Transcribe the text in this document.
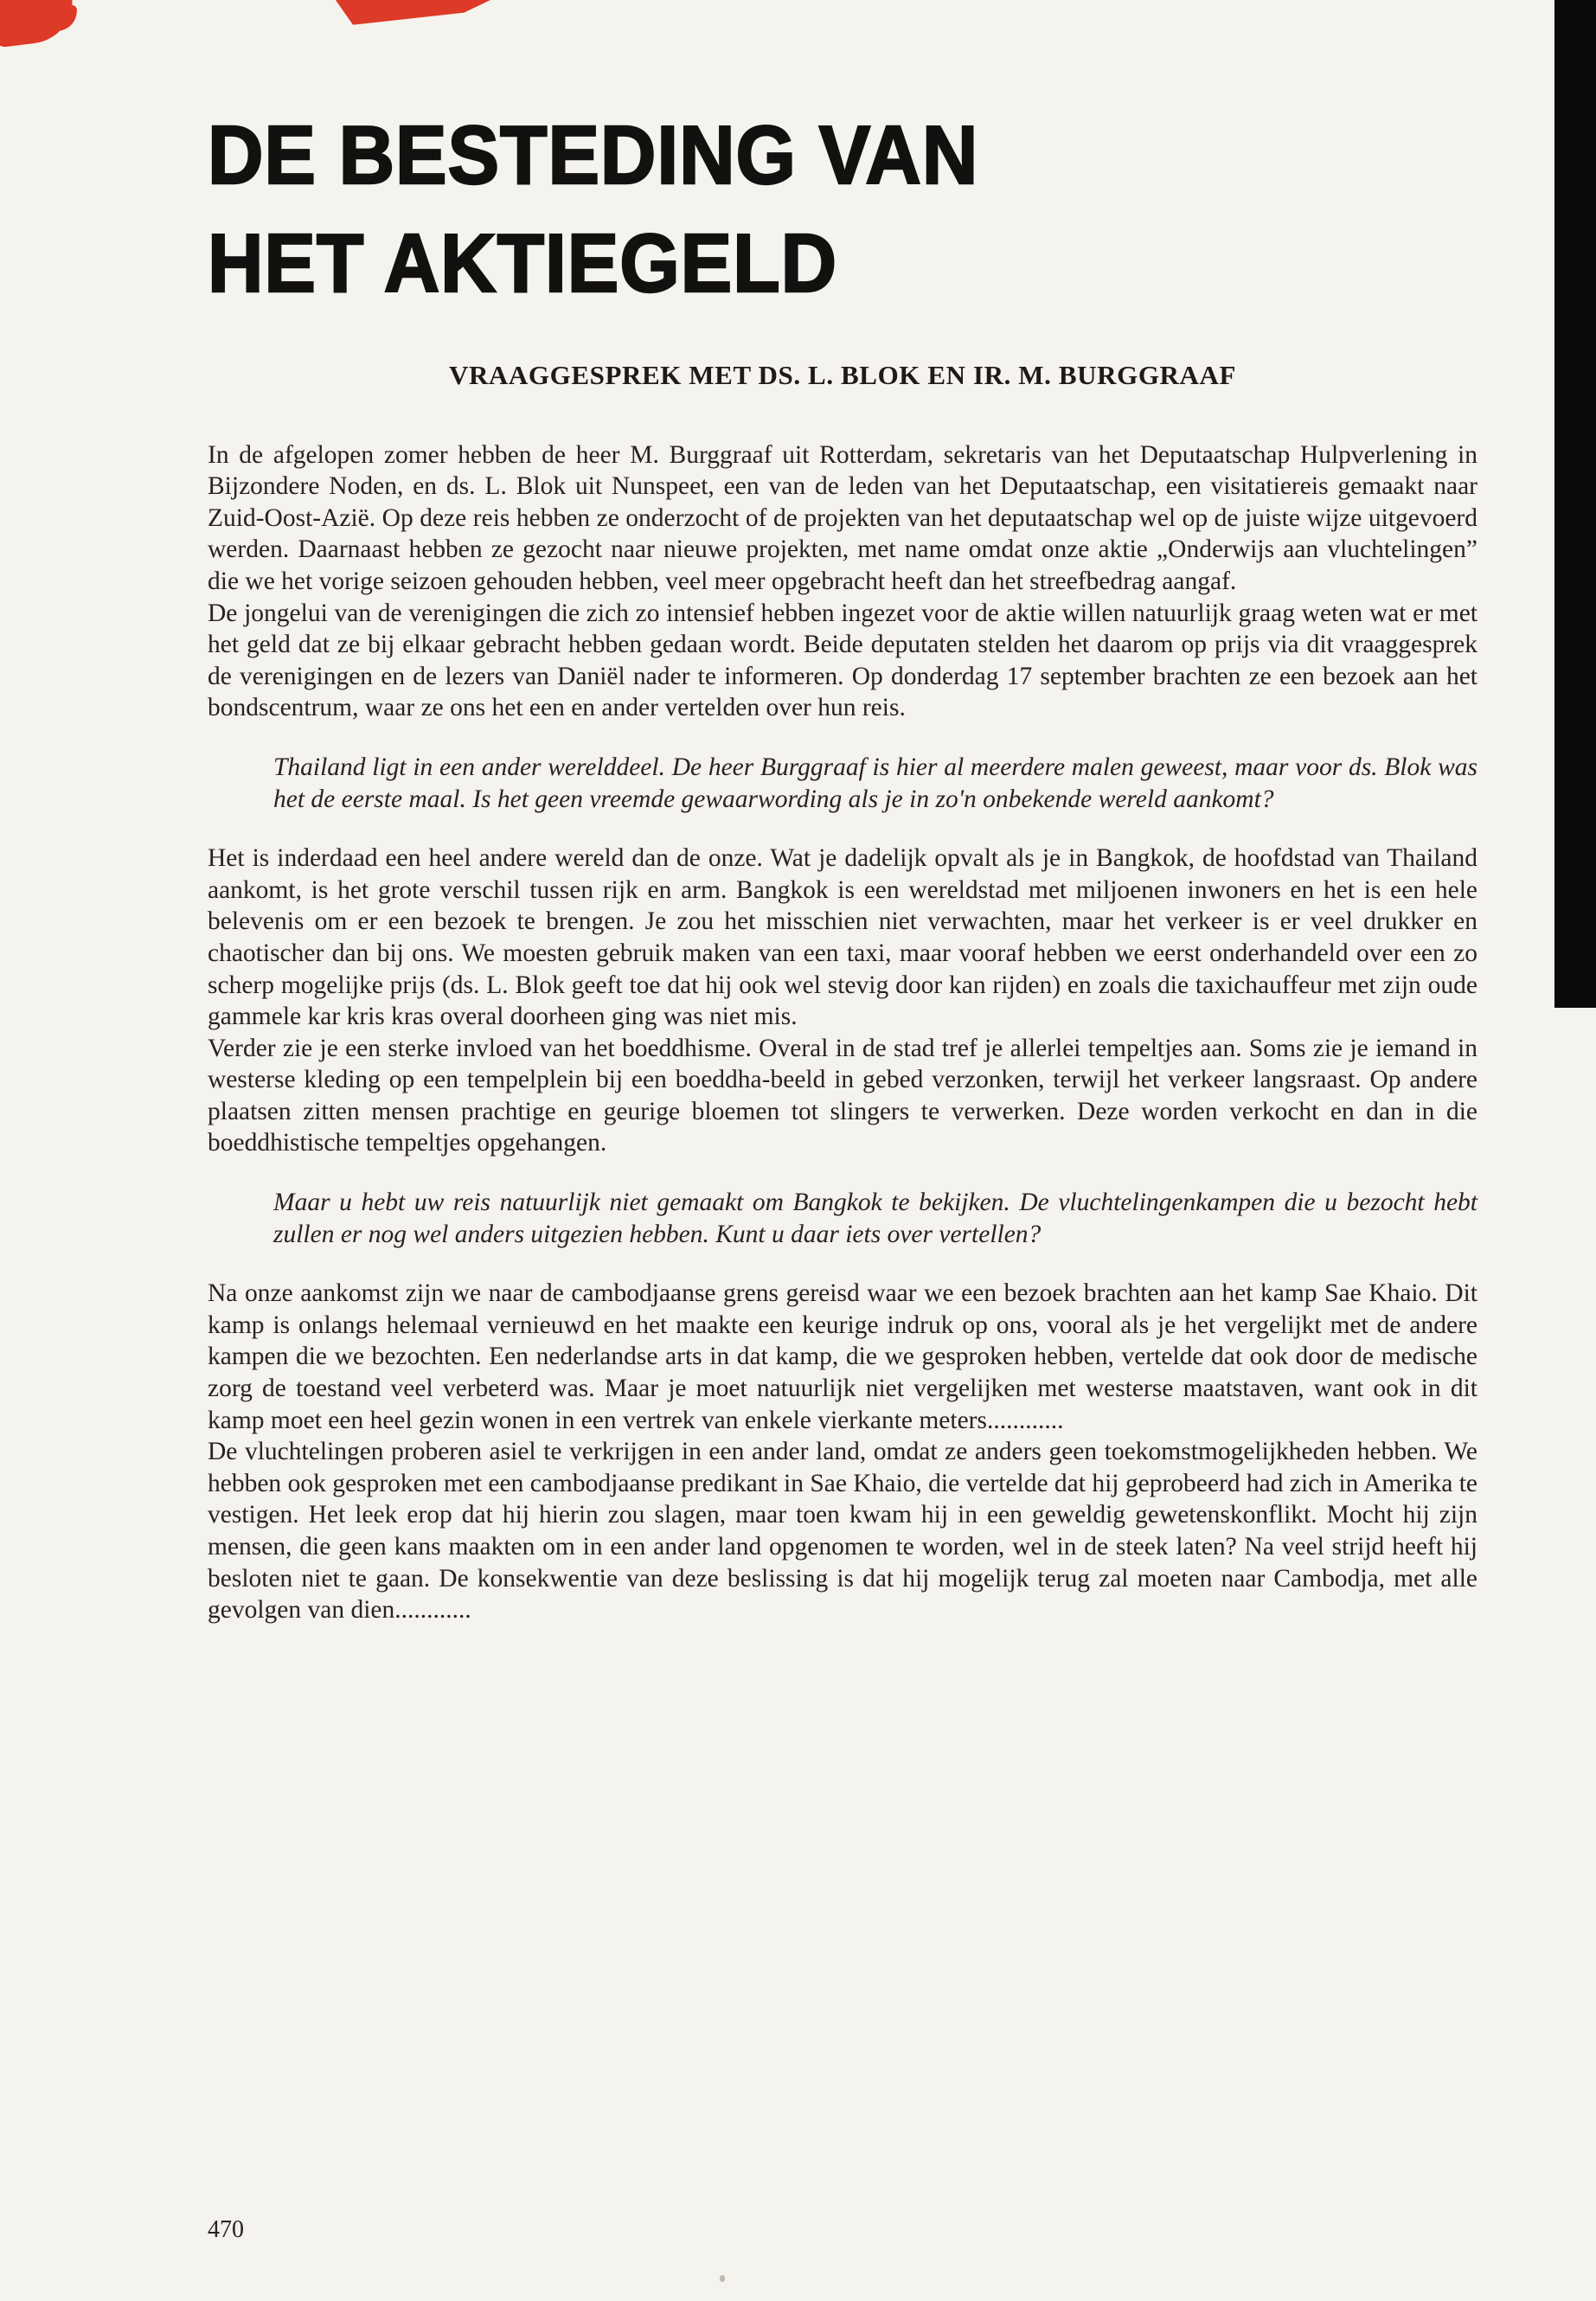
DE BESTEDING VAN
HET AKTIEGELD
VRAAGGESPREK MET DS. L. BLOK EN IR. M. BURGGRAAF

In de afgelopen zomer hebben de heer M. Burggraaf uit Rotterdam, sekretaris van het Deputaatschap Hulpverlening in Bijzondere Noden, en ds. L. Blok uit Nunspeet, een van de leden van het Deputaatschap, een visitatiereis gemaakt naar Zuid-Oost-Azië. Op deze reis hebben ze onderzocht of de projekten van het deputaatschap wel op de juiste wijze uitgevoerd werden. Daarnaast hebben ze gezocht naar nieuwe projekten, met name omdat onze aktie „Onderwijs aan vluchtelingen” die we het vorige seizoen gehouden hebben, veel meer opgebracht heeft dan het streefbedrag aangaf.

De jongelui van de verenigingen die zich zo intensief hebben ingezet voor de aktie willen natuurlijk graag weten wat er met het geld dat ze bij elkaar gebracht hebben gedaan wordt. Beide deputaten stelden het daarom op prijs via dit vraaggesprek de verenigingen en de lezers van Daniël nader te informeren. Op donderdag 17 september brachten ze een bezoek aan het bondscentrum, waar ze ons het een en ander vertelden over hun reis.

Thailand ligt in een ander werelddeel. De heer Burggraaf is hier al meerdere malen geweest, maar voor ds. Blok was het de eerste maal. Is het geen vreemde gewaarwording als je in zo'n onbekende wereld aankomt?

Het is inderdaad een heel andere wereld dan de onze. Wat je dadelijk opvalt als je in Bangkok, de hoofdstad van Thailand aankomt, is het grote verschil tussen rijk en arm. Bangkok is een wereldstad met miljoenen inwoners en het is een hele belevenis om er een bezoek te brengen. Je zou het misschien niet verwachten, maar het verkeer is er veel drukker en chaotischer dan bij ons. We moesten gebruik maken van een taxi, maar vooraf hebben we eerst onderhandeld over een zo scherp mogelijke prijs (ds. L. Blok geeft toe dat hij ook wel stevig door kan rijden) en zoals die taxichauffeur met zijn oude gammele kar kris kras overal doorheen ging was niet mis.

Verder zie je een sterke invloed van het boeddhisme. Overal in de stad tref je allerlei tempeltjes aan. Soms zie je iemand in westerse kleding op een tempelplein bij een boeddha-beeld in gebed verzonken, terwijl het verkeer langsraast. Op andere plaatsen zitten mensen prachtige en geurige bloemen tot slingers te verwerken. Deze worden verkocht en dan in die boeddhistische tempeltjes opgehangen.

Maar u hebt uw reis natuurlijk niet gemaakt om Bangkok te bekijken. De vluchtelingenkampen die u bezocht hebt zullen er nog wel anders uitgezien hebben. Kunt u daar iets over vertellen?

Na onze aankomst zijn we naar de cambodjaanse grens gereisd waar we een bezoek brachten aan het kamp Sae Khaio. Dit kamp is onlangs helemaal vernieuwd en het maakte een keurige indruk op ons, vooral als je het vergelijkt met de andere kampen die we bezochten. Een nederlandse arts in dat kamp, die we gesproken hebben, vertelde dat ook door de medische zorg de toestand veel verbeterd was. Maar je moet natuurlijk niet vergelijken met westerse maatstaven, want ook in dit kamp moet een heel gezin wonen in een vertrek van enkele vierkante meters............

De vluchtelingen proberen asiel te verkrijgen in een ander land, omdat ze anders geen toekomstmogelijkheden hebben. We hebben ook gesproken met een cambodjaanse predikant in Sae Khaio, die vertelde dat hij geprobeerd had zich in Amerika te vestigen. Het leek erop dat hij hierin zou slagen, maar toen kwam hij in een geweldig gewetenskonflikt. Mocht hij zijn mensen, die geen kans maakten om in een ander land opgenomen te worden, wel in de steek laten? Na veel strijd heeft hij besloten niet te gaan. De konsekwentie van deze beslissing is dat hij mogelijk terug zal moeten naar Cambodja, met alle gevolgen van dien............

470
